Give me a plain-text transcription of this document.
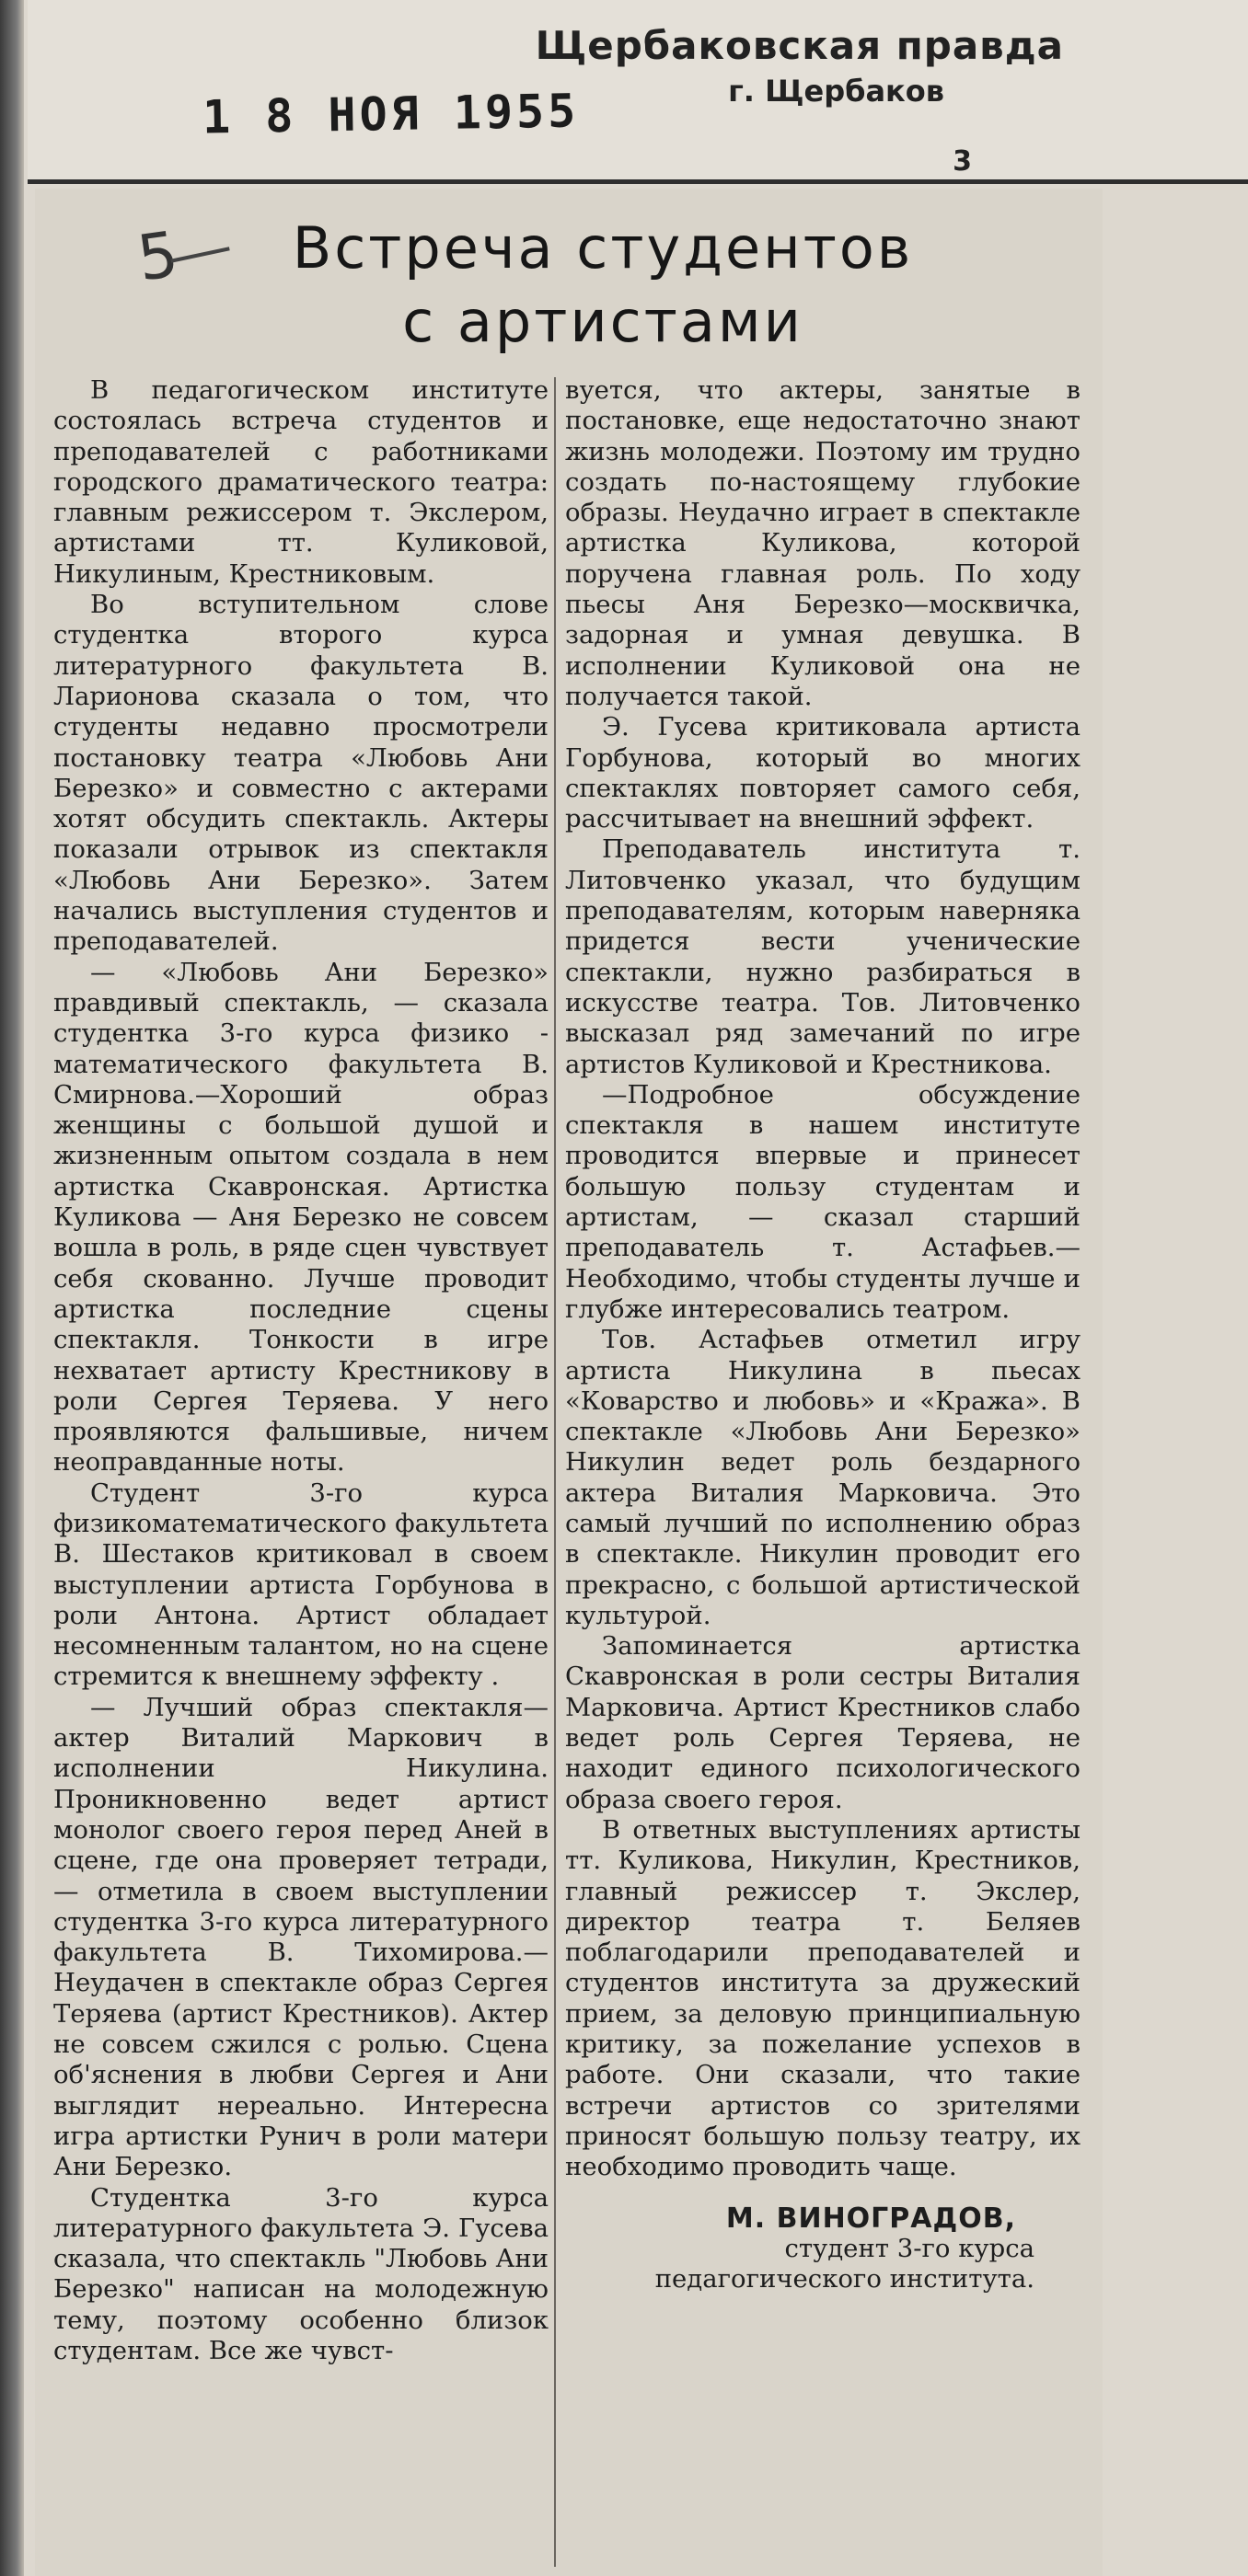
Щербаковская правда
г. Щербаков
1 8 НОЯ 1955
3
5	Встреча студентов
с артистами

В педагогическом институте состоялась встреча студентов и преподавателей с работниками городского драматического театра: главным режиссером т. Экслером, артистами тт. Куликовой, Никулиным, Крестниковым.

Во вступительном слове студентка второго курса литературного факультета В. Ларионова сказала о том, что студенты недавно просмотрели постановку театра «Любовь Ани Березко» и совместно с актерами хотят обсудить спектакль. Актеры показали отрывок из спектакля «Любовь Ани Березко». Затем начались выступления студентов и преподавателей.

— «Любовь Ани Березко» правдивый спектакль, — сказала студентка 3-го курса физико - математического факультета В. Смирнова.—Хороший образ женщины с большой душой и жизненным опытом создала в нем артистка Скавронская. Артистка Куликова — Аня Березко не совсем вошла в роль, в ряде сцен чувствует себя скованно. Лучше проводит артистка последние сцены спектакля. Тонкости в игре нехватает артисту Крестникову в роли Сергея Теряева. У него проявляются фальшивые, ничем неоправданные ноты.

Студент 3-го курса физикоматематического факультета В. Шестаков критиковал в своем выступлении артиста Горбунова в роли Антона. Артист обладает несомненным талантом, но на сцене стремится к внешнему эффекту .

— Лучший образ спектакля— актер Виталий Маркович в исполнении Никулина. Проникновенно ведет артист монолог своего героя перед Аней в сцене, где она проверяет тетради, — отметила в своем выступлении студентка 3-го курса литературного факультета В. Тихомирова.—Неудачен в спектакле образ Сергея Теряева (артист Крестников). Актер не совсем сжился с ролью. Сцена об'яснения в любви Сергея и Ани выглядит нереально. Интересна игра артистки Рунич в роли матери Ани Березко.

Студентка 3-го курса литературного факультета Э. Гусева сказала, что спектакль "Любовь Ани Березко" написан на молодежную тему, поэтому особенно близок студентам. Все же чувст-

вуется, что актеры, занятые в постановке, еще недостаточно знают жизнь молодежи. Поэтому им трудно создать по-настоящему глубокие образы. Неудачно играет в спектакле артистка Куликова, которой поручена главная роль. По ходу пьесы Аня Березко—москвичка, задорная и умная девушка. В исполнении Куликовой она не получается такой.

Э. Гусева критиковала артиста Горбунова, который во многих спектаклях повторяет самого себя, рассчитывает на внешний эффект.

Преподаватель института т. Литовченко указал, что будущим преподавателям, которым наверняка придется вести ученические спектакли, нужно разбираться в искусстве театра. Тов. Литовченко высказал ряд замечаний по игре артистов Куликовой и Крестникова.

—Подробное обсуждение спектакля в нашем институте проводится впервые и принесет большую пользу студентам и артистам, — сказал старший преподаватель т. Астафьев.—Необходимо, чтобы студенты лучше и глубже интересовались театром.

Тов. Астафьев отметил игру артиста Никулина в пьесах «Коварство и любовь» и «Кража». В спектакле «Любовь Ани Березко» Никулин ведет роль бездарного актера Виталия Марковича. Это самый лучший по исполнению образ в спектакле. Никулин проводит его прекрасно, с большой артистической культурой.

Запоминается артистка Скавронская в роли сестры Виталия Марковича. Артист Крестников слабо ведет роль Сергея Теряева, не находит единого психологического образа своего героя.

В ответных выступлениях артисты тт. Куликова, Никулин, Крестников, главный режиссер т. Экслер, директор театра т. Беляев поблагодарили преподавателей и студентов института за дружеский прием, за деловую принципиальную критику, за пожелание успехов в работе. Они сказали, что такие встречи артистов со зрителями приносят большую пользу театру, их необходимо проводить чаще.

М. ВИНОГРАДОВ,
студент 3-го курса
педагогического института.
